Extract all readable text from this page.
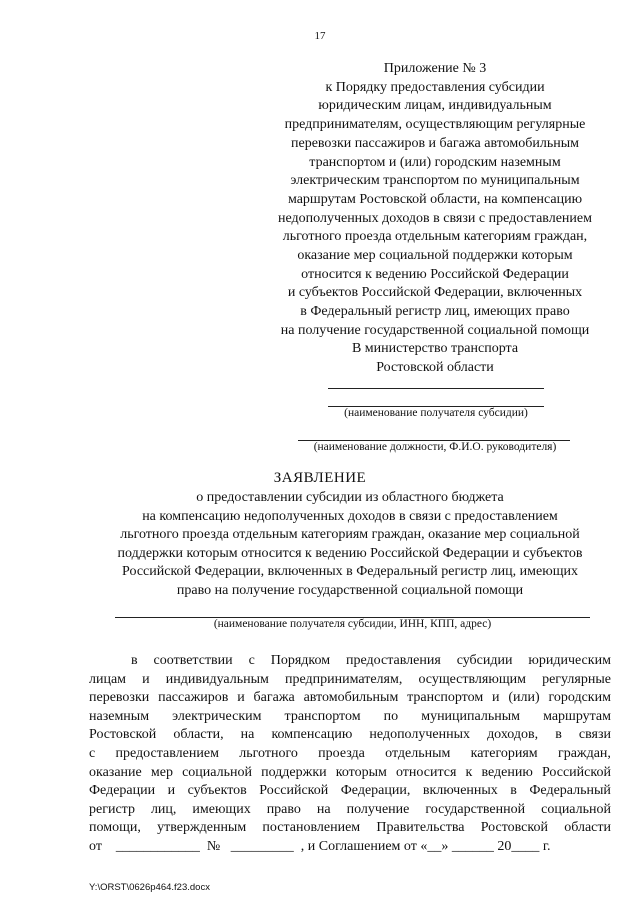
17
Приложение № 3
к Порядку предоставления субсидии
юридическим лицам, индивидуальным
предпринимателям, осуществляющим регулярные
перевозки пассажиров и багажа автомобильным
транспортом и (или) городским наземным
электрическим транспортом по муниципальным
маршрутам Ростовской области, на компенсацию
недополученных доходов в связи с предоставлением
льготного проезда отдельным категориям граждан,
оказание мер социальной поддержки которым
относится к ведению Российской Федерации
и субъектов Российской Федерации, включенных
в Федеральный регистр лиц, имеющих право
на получение государственной социальной помощи
В министерство транспорта
Ростовской области
(наименование получателя субсидии)
(наименование должности, Ф.И.О. руководителя)
ЗАЯВЛЕНИЕ
о предоставлении субсидии из областного бюджета
на компенсацию недополученных доходов в связи с предоставлением
льготного проезда отдельным категориям граждан, оказание мер социальной
поддержки которым относится к ведению Российской Федерации и субъектов
Российской Федерации, включенных в Федеральный регистр лиц, имеющих
право на получение государственной социальной помощи
(наименование получателя субсидии, ИНН, КПП, адрес)
в соответствии с Порядком предоставления субсидии юридическим
лицам и индивидуальным предпринимателям, осуществляющим регулярные
перевозки пассажиров и багажа автомобильным транспортом и (или) городским
наземным электрическим транспортом по муниципальным маршрутам
Ростовской области, на компенсацию недополученных доходов, в связи
с предоставлением льготного проезда отдельным категориям граждан,
оказание мер социальной поддержки которым относится к ведению Российской
Федерации и субъектов Российской Федерации, включенных в Федеральный
регистр лиц, имеющих право на получение государственной социальной
помощи, утвержденным постановлением Правительства Ростовской области
от    ____________  №   _________  , и Соглашением от «__» ______ 20____ г.
Y:\ORST\0626p464.f23.docx
